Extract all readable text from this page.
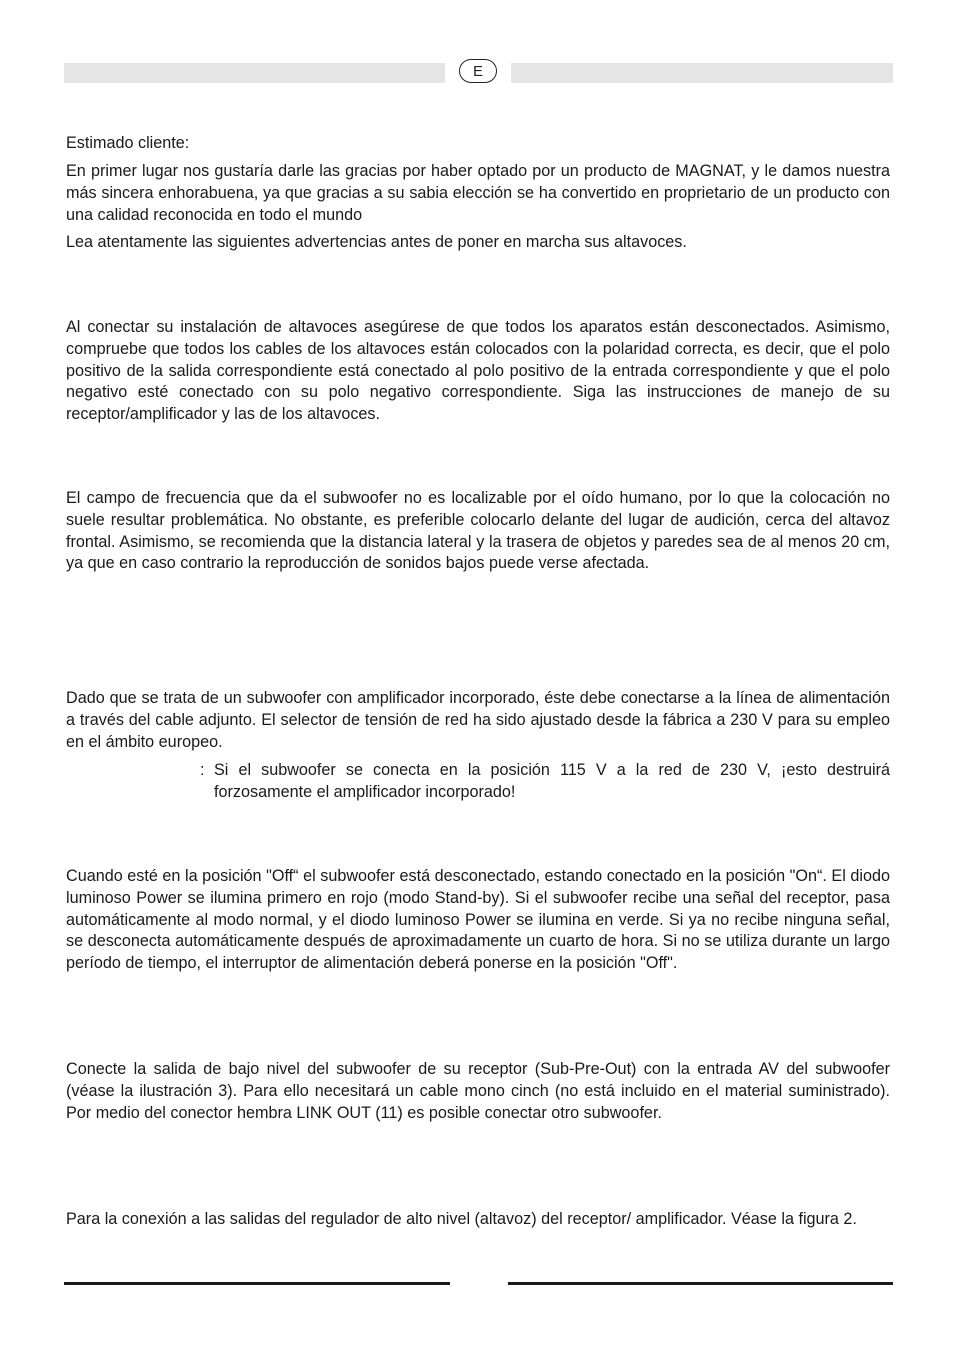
E

Estimado cliente:

En primer lugar nos gustaría darle las gracias por haber optado por un producto de MAGNAT, y le damos nuestra más sincera enhorabuena, ya que gracias a su sabia elección se ha convertido en proprietario de un producto con una calidad reconocida en todo el mundo

Lea atentamente las siguientes advertencias antes de poner en marcha sus altavoces.

Al conectar su instalación de altavoces asegúrese de que todos los aparatos están desconectados. Asimismo, compruebe que todos los cables de los altavoces están colocados con la polaridad correcta, es decir, que el polo positivo de la salida correspondiente está conectado al polo positivo de la entrada correspondiente y que el polo negativo esté conectado con su polo negativo correspondiente. Siga las instrucciones de manejo de su receptor/amplificador y las de los altavoces.

El campo de frecuencia que da el subwoofer no es localizable por el oído humano, por lo que la colocación no suele resultar problemática. No obstante, es preferible colocarlo delante del lugar de audición, cerca del altavoz frontal. Asimismo, se recomienda que la distancia lateral y la trasera de objetos y paredes sea de al menos 20 cm, ya que en caso contrario la reproducción de sonidos bajos puede verse afectada.

Dado que se trata de un subwoofer con amplificador incorporado, éste debe conectarse a la línea de alimentación a través del cable adjunto. El selector de tensión de red ha sido ajustado desde la fábrica a 230 V para su empleo en el ámbito europeo.

: Si el subwoofer se conecta en la posición 115 V a la red de 230 V, ¡esto destruirá forzosamente el amplificador incorporado!

Cuando esté en la posición "Off“ el subwoofer está desconectado, estando conectado en la posición "On“. El diodo luminoso Power se ilumina primero en rojo (modo Stand-by). Si el subwoofer recibe una señal del receptor, pasa automáticamente al modo normal, y el diodo luminoso Power se ilumina en verde. Si ya no recibe ninguna señal, se desconecta automáticamente después de aproximadamente un cuarto de hora. Si no se utiliza durante un largo período de tiempo, el interruptor de alimentación deberá ponerse en la posición "Off".

Conecte la salida de bajo nivel del subwoofer de su receptor (Sub-Pre-Out) con la entrada AV del subwoofer (véase la ilustración 3). Para ello necesitará un cable mono cinch (no está incluido en el material suministrado). Por medio del conector hembra LINK OUT (11) es posible conectar otro subwoofer.

Para la conexión a las salidas del regulador de alto nivel (altavoz) del receptor/ amplificador. Véase la figura 2.
